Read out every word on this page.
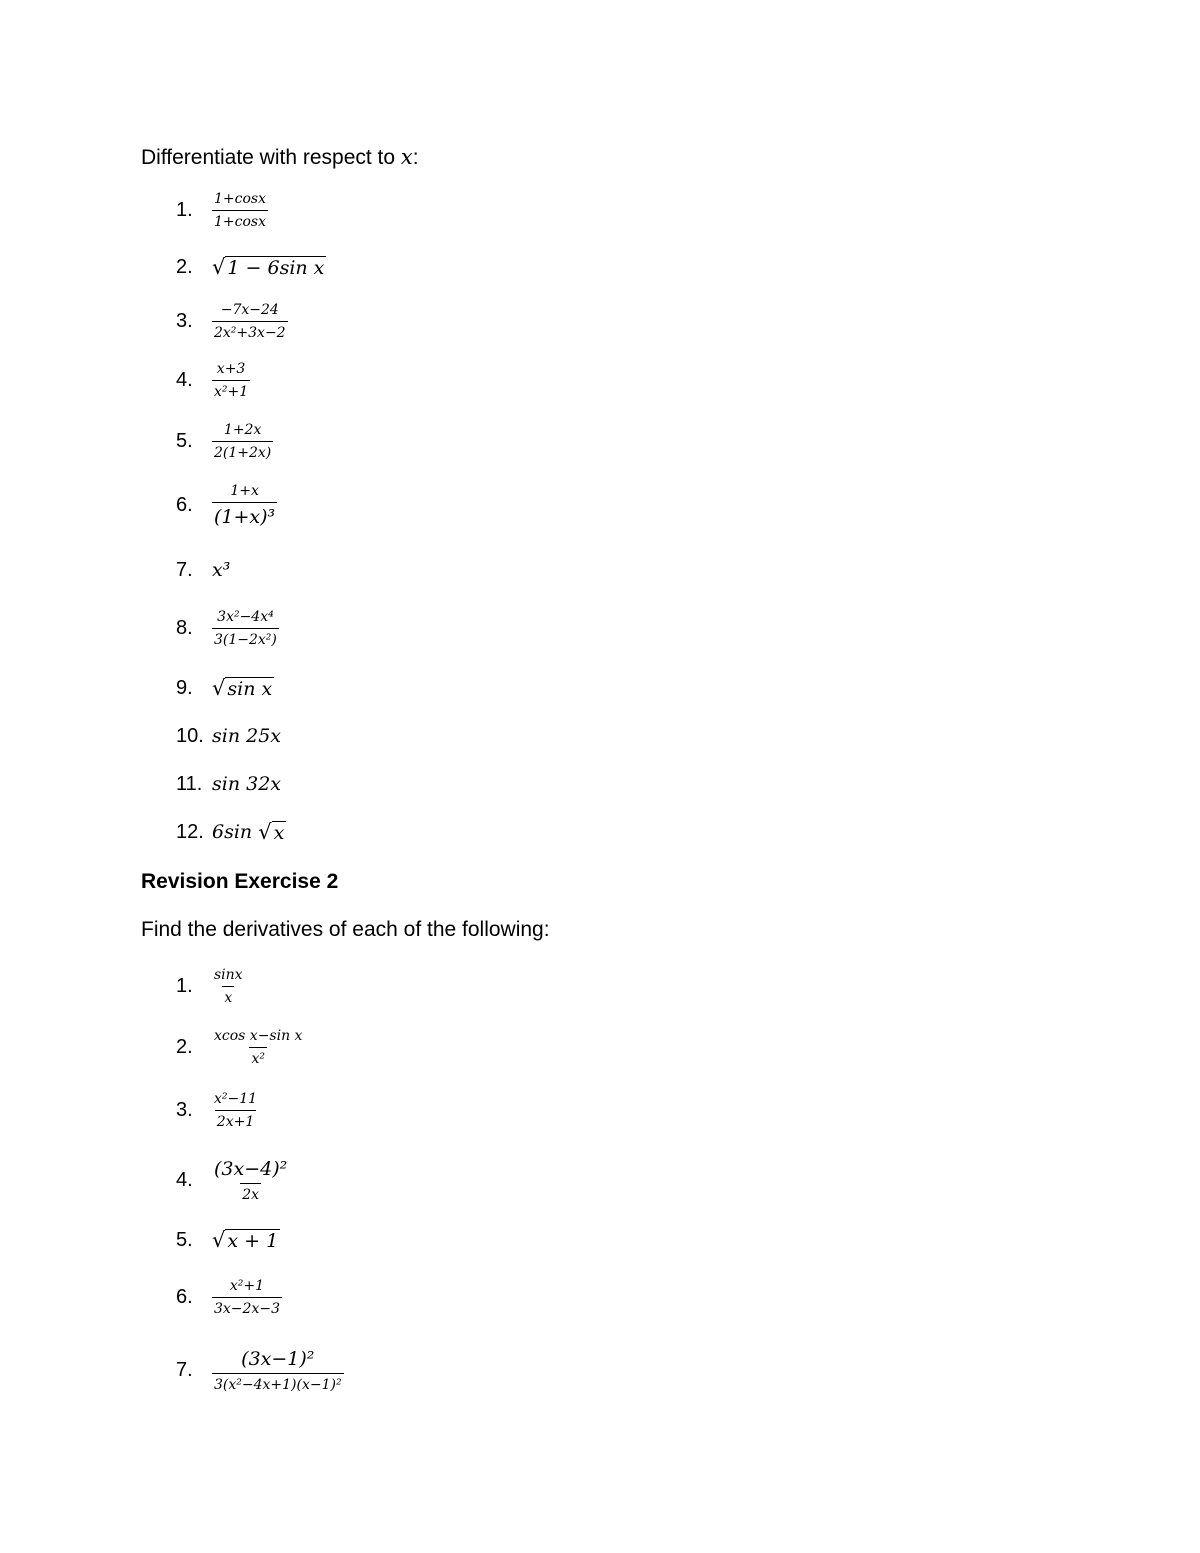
Differentiate with respect to x:
1.	$\frac{1+\cos x}{1+\cos x}$
2. √ 1 − 6sin x
3.	$\frac{-7x-24}{\text{2x²+3x−2}}$
4.	$\frac{x+3}{\text{x²+1}}$
5.	$\frac{1+2x}{2(1+2x)}$
6.	$\frac{1+x}{\text{(1+x)³}}$
7.	x³
8.	$\frac{\text{3x²−4x⁴}}{\text{3(1−2x²)}}$
9. √ sin x
10. sin 25x
11. sin 32x
12. 6sin √ x
Revision Exercise 2
Find the derivatives of each of the following:
1.	$\frac{\sin x}{x}$
2.	$\frac{\text{xcos x−sin x}}{\text{x²}}$
3.	$\frac{\text{x²−11}}{2x+1}$
4.	$\frac{\text{(3x−4)²}}{2x}$
5. √ x + 1
6.	$\frac{\text{x²+1}}{3x-2x-3}$
7.	$\frac{\text{(3x−1)²}}{\text{3(x²−4x+1)(x−1)²}}$
